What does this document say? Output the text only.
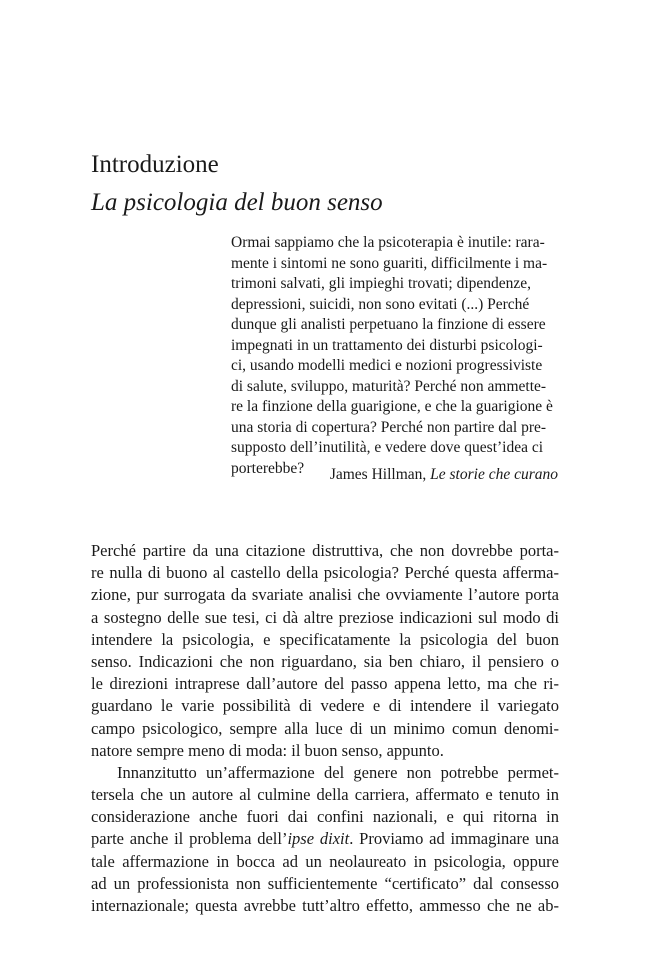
Introduzione
La psicologia del buon senso
Ormai sappiamo che la psicoterapia è inutile: rara-
mente i sintomi ne sono guariti, difficilmente i ma-
trimoni salvati, gli impieghi trovati; dipendenze,
depressioni, suicidi, non sono evitati (...) Perché
dunque gli analisti perpetuano la finzione di essere
impegnati in un trattamento dei disturbi psicologi-
ci, usando modelli medici e nozioni progressiviste
di salute, sviluppo, maturità? Perché non ammette-
re la finzione della guarigione, e che la guarigione è
una storia di copertura? Perché non partire dal pre-
supposto dell’inutilità, e vedere dove quest’idea ci
porterebbe?	James Hillman, Le storie che curano
Perché partire da una citazione distruttiva, che non dovrebbe porta-
re nulla di buono al castello della psicologia? Perché questa afferma-
zione, pur surrogata da svariate analisi che ovviamente l’autore porta
a sostegno delle sue tesi, ci dà altre preziose indicazioni sul modo di
intendere la psicologia, e specificatamente la psicologia del buon
senso. Indicazioni che non riguardano, sia ben chiaro, il pensiero o
le direzioni intraprese dall’autore del passo appena letto, ma che ri-
guardano le varie possibilità di vedere e di intendere il variegato
campo psicologico, sempre alla luce di un minimo comun denomi-
natore sempre meno di moda: il buon senso, appunto.
Innanzitutto un’affermazione del genere non potrebbe permet-
tersela che un autore al culmine della carriera, affermato e tenuto in
considerazione anche fuori dai confini nazionali, e qui ritorna in
parte anche il problema dell’ipse dixit. Proviamo ad immaginare una
tale affermazione in bocca ad un neolaureato in psicologia, oppure
ad un professionista non sufficientemente “certificato” dal consesso
internazionale; questa avrebbe tutt’altro effetto, ammesso che ne ab-
